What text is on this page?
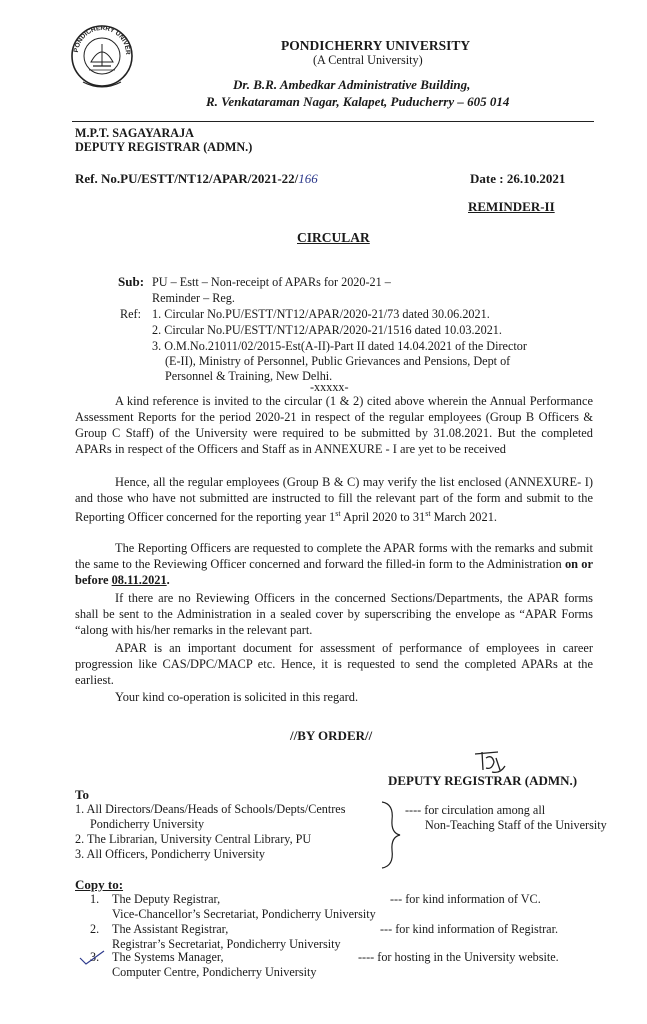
PONDICHERRY UNIVER	PONDICHERRY UNIVERSITY
(A Central University)
Dr. B.R. Ambedkar Administrative Building,
R. Venkataraman Nagar, Kalapet, Puducherry – 605 014
M.P.T. SAGAYARAJA
DEPUTY REGISTRAR (ADMN.)
Ref. No.PU/ESTT/NT12/APAR/2021-22/166	Date : 26.10.2021
REMINDER-II
CIRCULAR
Sub: PU – Estt – Non-receipt of APARs for 2020-21 –
Reminder – Reg.
Ref: 1. Circular No.PU/ESTT/NT12/APAR/2020-21/73 dated 30.06.2021.
2. Circular No.PU/ESTT/NT12/APAR/2020-21/1516 dated 10.03.2021.
3. O.M.No.21011/02/2015-Est(A-II)-Part II dated 14.04.2021 of the Director
(E-II), Ministry of Personnel, Public Grievances and Pensions, Dept of
Personnel & Training, New Delhi.
-xxxxx-
A kind reference is invited to the circular (1 & 2) cited above wherein the Annual Performance Assessment Reports for the period 2020-21 in respect of the regular employees (Group B Officers & Group C Staff) of the University were required to be submitted by 31.08.2021. But the completed APARs in respect of the Officers and Staff as in ANNEXURE - I are yet to be received
Hence, all the regular employees (Group B & C) may verify the list enclosed (ANNEXURE- I) and those who have not submitted are instructed to fill the relevant part of the form and submit to the Reporting Officer concerned for the reporting year 1st April 2020 to 31st March 2021.
The Reporting Officers are requested to complete the APAR forms with the remarks and submit the same to the Reviewing Officer concerned and forward the filled-in form to the Administration on or before 08.11.2021.
If there are no Reviewing Officers in the concerned Sections/Departments, the APAR forms shall be sent to the Administration in a sealed cover by superscribing the envelope as “APAR Forms “along with his/her remarks in the relevant part.
APAR is an important document for assessment of performance of employees in career progression like CAS/DPC/MACP etc. Hence, it is requested to send the completed APARs at the earliest.
Your kind co-operation is solicited in this regard.
//BY ORDER//
DEPUTY REGISTRAR (ADMN.)
To
1. All Directors/Deans/Heads of Schools/Depts/Centres
Pondicherry University
2. The Librarian, University Central Library, PU
3. All Officers, Pondicherry University
---- for circulation among all
Non-Teaching Staff of the University
Copy to:
1. The Deputy Registrar,
Vice-Chancellor’s Secretariat, Pondicherry University
--- for kind information of VC.
2. The Assistant Registrar,
Registrar’s Secretariat, Pondicherry University
--- for kind information of Registrar.
3. The Systems Manager,
Computer Centre, Pondicherry University
---- for hosting in the University website.
